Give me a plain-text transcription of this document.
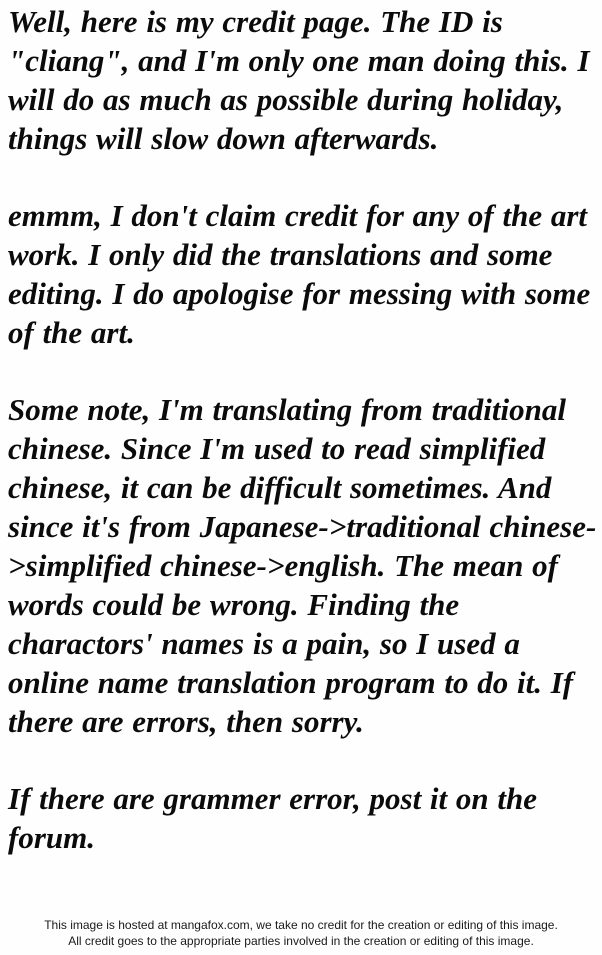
Well, here is my credit page. The ID is "cliang", and I'm only one man doing this. I will do as much as possible during holiday, things will slow down afterwards.

emmm, I don't claim credit for any of the art work. I only did the translations and some editing. I do apologise for messing with some of the art.

Some note, I'm translating from traditional chinese. Since I'm used to read simplified chinese, it can be difficult sometimes. And since it's from Japanese->traditional chinese->simplified chinese->english. The mean of words could be wrong. Finding the charactors' names is a pain, so I used a online name translation program to do it. If there are errors, then sorry.

If there are grammer error, post it on the forum.

This image is hosted at mangafox.com, we take no credit for the creation or editing of this image.
All credit goes to the appropriate parties involved in the creation or editing of this image.
